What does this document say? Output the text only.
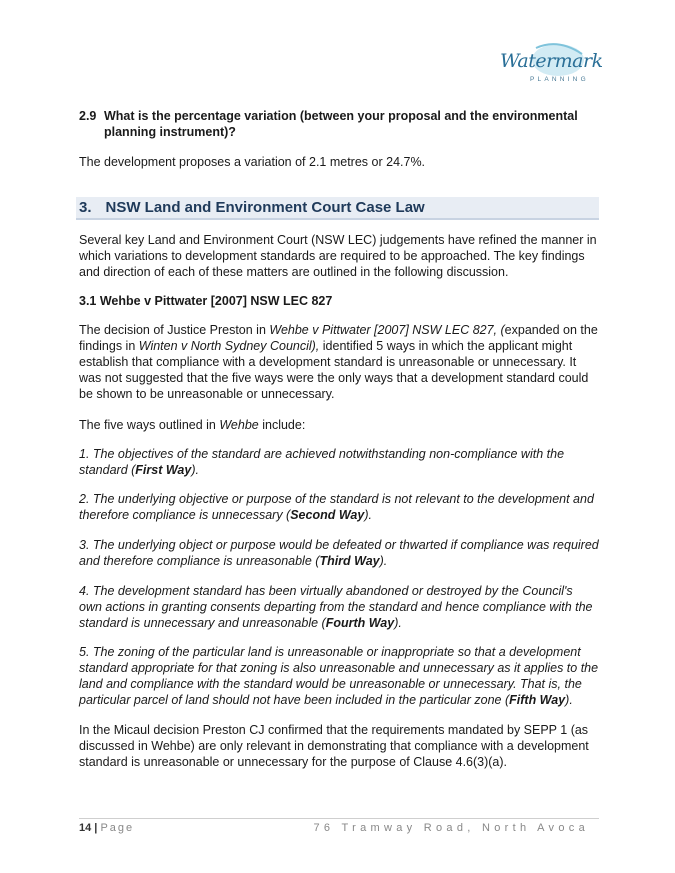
Watermark
PLANNING
2.9 What is the percentage variation (between your proposal and the environmental planning instrument)?

The development proposes a variation of 2.1 metres or 24.7%.

3. NSW Land and Environment Court Case Law

Several key Land and Environment Court (NSW LEC) judgements have refined the manner in which variations to development standards are required to be approached. The key findings and direction of each of these matters are outlined in the following discussion.

3.1 Wehbe v Pittwater [2007] NSW LEC 827

The decision of Justice Preston in Wehbe v Pittwater [2007] NSW LEC 827, (expanded on the findings in Winten v North Sydney Council), identified 5 ways in which the applicant might establish that compliance with a development standard is unreasonable or unnecessary. It was not suggested that the five ways were the only ways that a development standard could be shown to be unreasonable or unnecessary.

The five ways outlined in Wehbe include:

1. The objectives of the standard are achieved notwithstanding non-compliance with the standard (First Way).

2. The underlying objective or purpose of the standard is not relevant to the development and therefore compliance is unnecessary (Second Way).

3. The underlying object or purpose would be defeated or thwarted if compliance was required and therefore compliance is unreasonable (Third Way).

4. The development standard has been virtually abandoned or destroyed by the Council's own actions in granting consents departing from the standard and hence compliance with the standard is unnecessary and unreasonable (Fourth Way).

5. The zoning of the particular land is unreasonable or inappropriate so that a development standard appropriate for that zoning is also unreasonable and unnecessary as it applies to the land and compliance with the standard would be unreasonable or unnecessary. That is, the particular parcel of land should not have been included in the particular zone (Fifth Way).

In the Micaul decision Preston CJ confirmed that the requirements mandated by SEPP 1 (as discussed in Wehbe) are only relevant in demonstrating that compliance with a development standard is unreasonable or unnecessary for the purpose of Clause 4.6(3)(a).

14 | Page	76 Tramway Road, North Avoca
